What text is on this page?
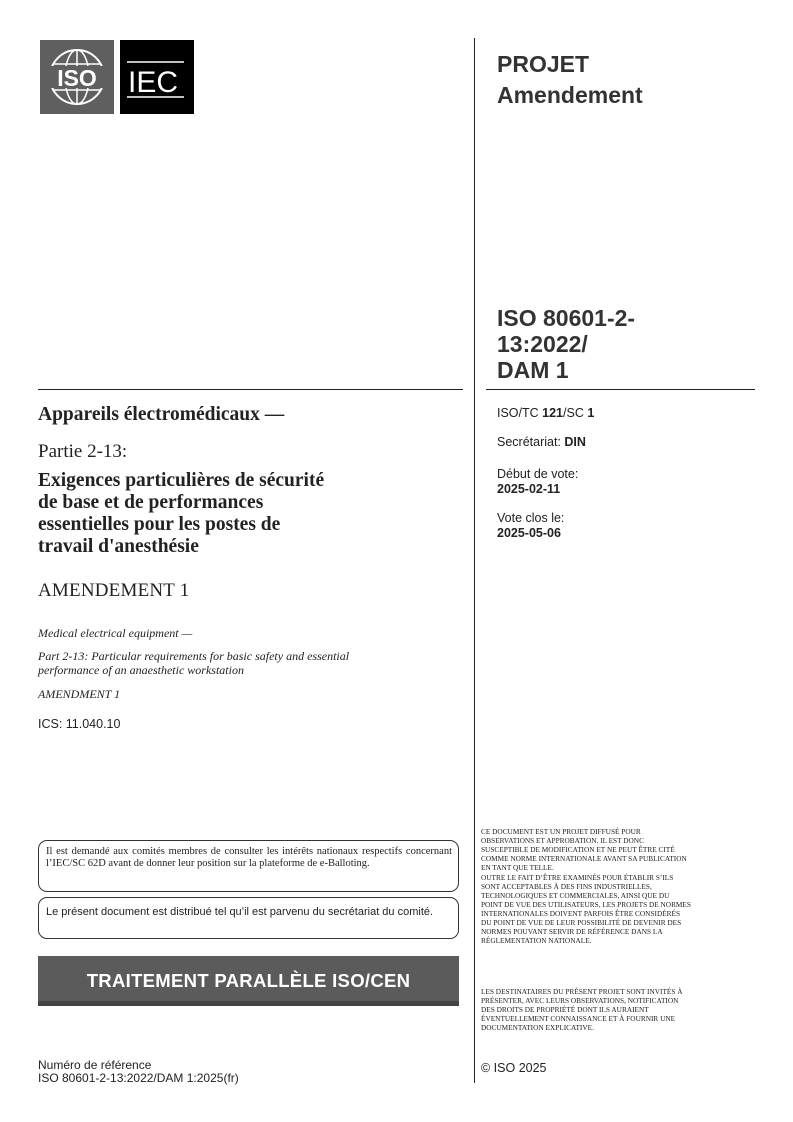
ISO IEC
PROJET
Amendement
ISO 80601-2-
13:2022/
DAM 1
ISO/TC 121/SC 1
Secrétariat: DIN
Début de vote:
2025-02-11
Vote clos le:
2025-05-06
Appareils électromédicaux —
Partie 2-13:
Exigences particulières de sécurité
de base et de performances
essentielles pour les postes de
travail d'anesthésie
AMENDEMENT 1
Medical electrical equipment —
Part 2-13: Particular requirements for basic safety and essential
performance of an anaesthetic workstation
AMENDMENT 1
ICS: 11.040.10
Il est demandé aux comités membres de consulter les intérêts nationaux respectifs concernant l’IEC/SC 62D avant de donner leur position sur la plateforme de e-Balloting.
Le présent document est distribué tel qu’il est parvenu du secrétariat du comité.
TRAITEMENT PARALLÈLE ISO/CEN
Numéro de référence
ISO 80601-2-13:2022/DAM 1:2025(fr)
CE DOCUMENT EST UN PROJET DIFFUSÉ POUR OBSERVATIONS ET APPROBATION. IL EST DONC SUSCEPTIBLE DE MODIFICATION ET NE PEUT ÊTRE CITÉ COMME NORME INTERNATIONALE AVANT SA PUBLICATION EN TANT QUE TELLE.
OUTRE LE FAIT D’ÊTRE EXAMINÉS POUR ÉTABLIR S’ILS SONT ACCEPTABLES À DES FINS INDUSTRIELLES, TECHNOLOGIQUES ET COMMERCIALES, AINSI QUE DU POINT DE VUE DES UTILISATEURS, LES PROJETS DE NORMES INTERNATIONALES DOIVENT PARFOIS ÊTRE CONSIDÉRÉS DU POINT DE VUE DE LEUR POSSIBILITÉ DE DEVENIR DES NORMES POUVANT SERVIR DE RÉFÉRENCE DANS LA RÉGLEMENTATION NATIONALE.
LES DESTINATAIRES DU PRÉSENT PROJET SONT INVITÉS À PRÉSENTER, AVEC LEURS OBSERVATIONS, NOTIFICATION DES DROITS DE PROPRIÉTÉ DONT ILS AURAIENT ÉVENTUELLEMENT CONNAISSANCE ET À FOURNIR UNE DOCUMENTATION EXPLICATIVE.
© ISO 2025
